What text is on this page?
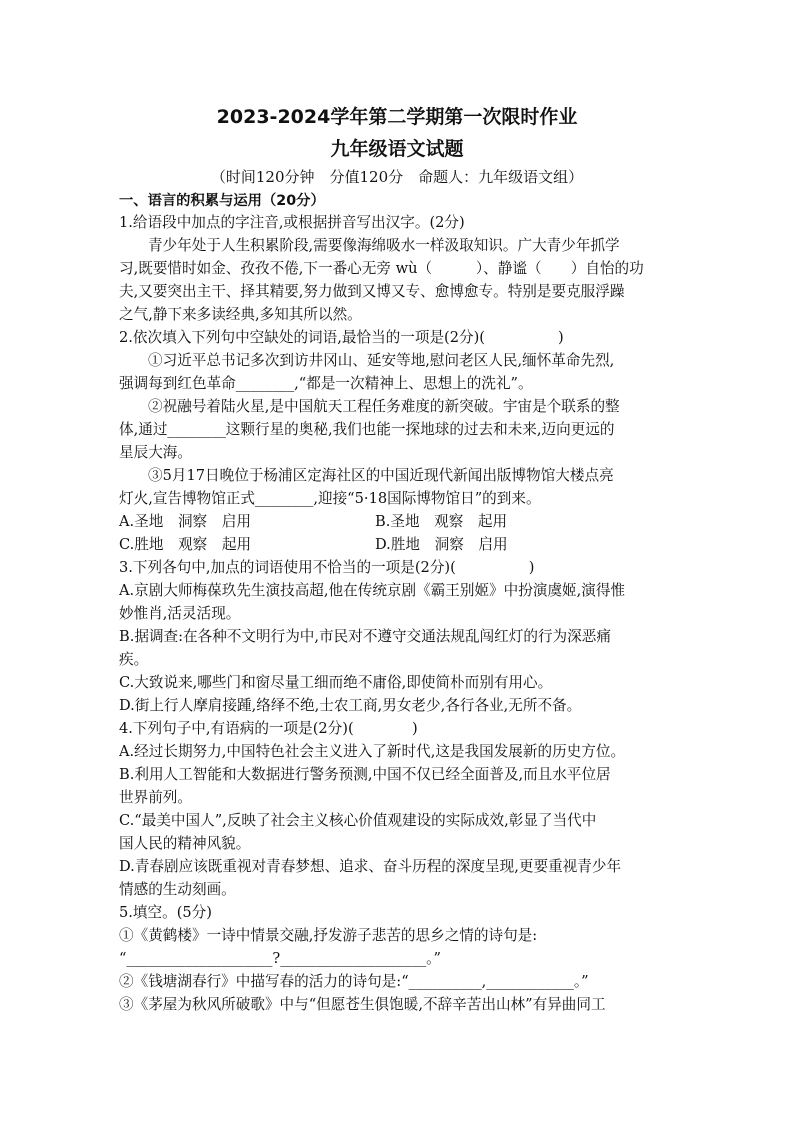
2023-2024学年第二学期第一次限时作业
九年级语文试题
（时间120分钟　分值120分　命题人：九年级语文组）
一、语言的积累与运用（20分）
1.给语段中加点的字注音,或根据拼音写出汉字。(2分)
青少年处于人生积累阶段,需要像海绵吸水一样汲取知识。广大青少年抓学
习,既要惜时如金、孜孜不倦,下一番心无旁 wù（　　　）、静谧（　　）自怡的功
夫,又要突出主干、择其精要,努力做到又博又专、愈博愈专。特别是要克服浮躁
之气,静下来多读经典,多知其所以然。
2.依次填入下列句中空缺处的词语,最恰当的一项是(2分)(　　　　　)
①习近平总书记多次到访井冈山、延安等地,慰问老区人民,缅怀革命先烈,
强调每到红色革命________,“都是一次精神上、思想上的洗礼”。
②祝融号着陆火星,是中国航天工程任务难度的新突破。宇宙是个联系的整
体,通过________这颗行星的奥秘,我们也能一探地球的过去和未来,迈向更远的
星辰大海。
③5月17日晚位于杨浦区定海社区的中国近现代新闻出版博物馆大楼点亮
灯火,宣告博物馆正式________,迎接“5·18国际博物馆日”的到来。
A.圣地　洞察　启用	B.圣地　观察　起用
C.胜地　观察　起用	D.胜地　洞察　启用
3.下列各句中,加点的词语使用不恰当的一项是(2分)(　　　　　)
A.京剧大师梅葆玖先生演技高超,他在传统京剧《霸王别姬》中扮演虞姬,演得惟
妙惟肖,活灵活现。
B.据调查:在各种不文明行为中,市民对不遵守交通法规乱闯红灯的行为深恶痛
疾。
C.大致说来,哪些门和窗尽量工细而绝不庸俗,即使简朴而别有用心。
D.街上行人摩肩接踵,络绎不绝,士农工商,男女老少,各行各业,无所不备。
4.下列句子中,有语病的一项是(2分)(　　　　)
A.经过长期努力,中国特色社会主义进入了新时代,这是我国发展新的历史方位。
B.利用人工智能和大数据进行警务预测,中国不仅已经全面普及,而且水平位居
世界前列。
C.“最美中国人”,反映了社会主义核心价值观建设的实际成效,彰显了当代中
国人民的精神风貌。
D.青春剧应该既重视对青春梦想、追求、奋斗历程的深度呈现,更要重视青少年
情感的生动刻画。
5.填空。(5分)
①《黄鹤楼》一诗中情景交融,抒发游子悲苦的思乡之情的诗句是:
“____________________?____________________。”
②《钱塘湖春行》中描写春的活力的诗句是:“__________,____________。”
③《茅屋为秋风所破歌》中与“但愿苍生俱饱暖,不辞辛苦出山林”有异曲同工
